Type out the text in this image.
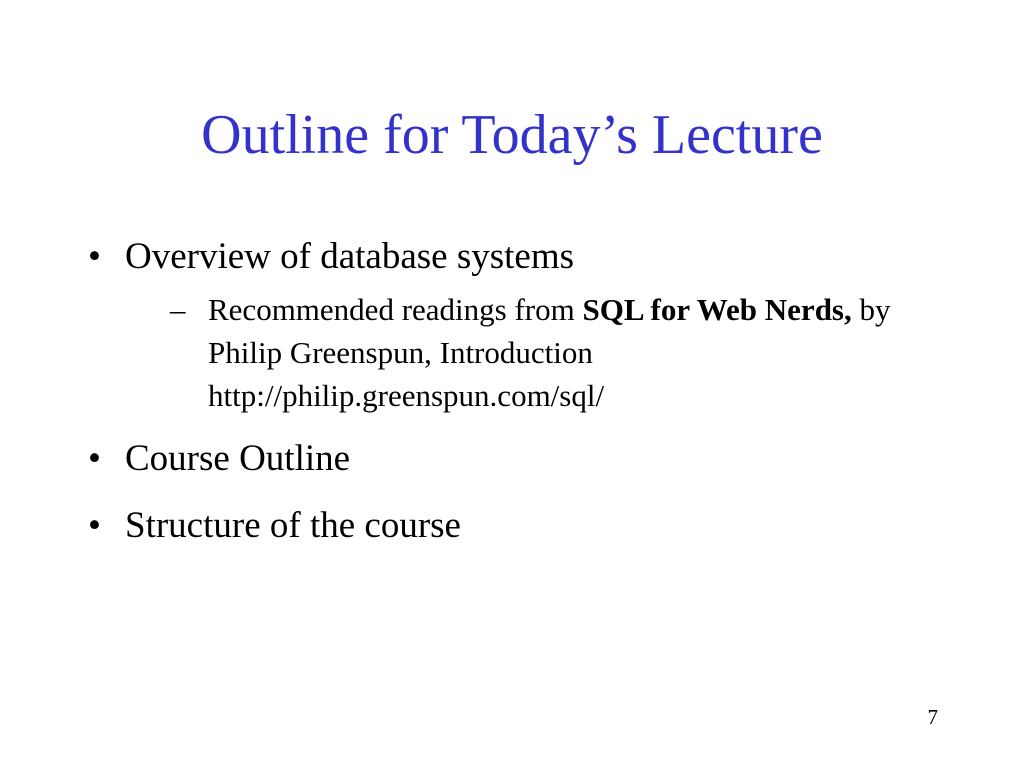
Outline for Today’s Lecture
• Overview of database systems
– Recommended readings from SQL for Web Nerds, by Philip Greenspun, Introduction
http://philip.greenspun.com/sql/
• Course Outline
• Structure of the course
7
